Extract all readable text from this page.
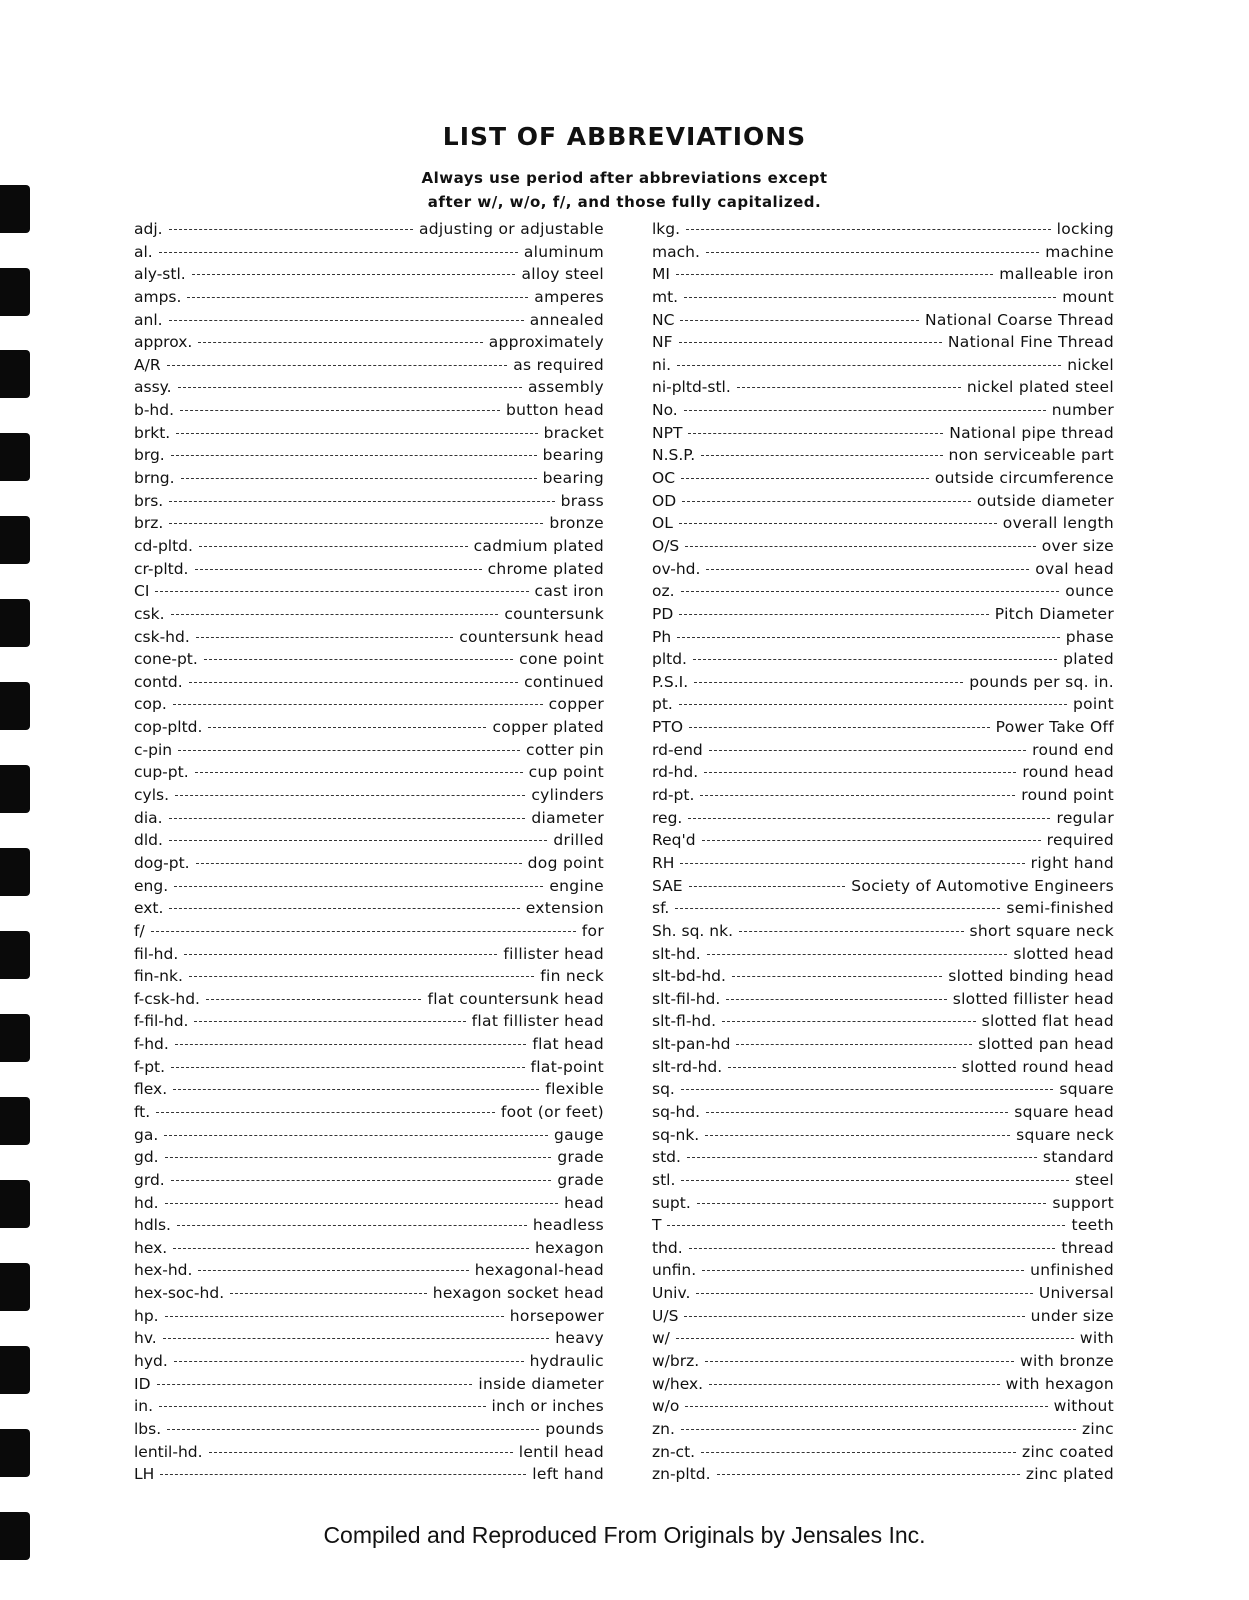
LIST OF ABBREVIATIONS
Always use period after abbreviations except
after w/, w/o, f/, and those fully capitalized.
adj.	adjusting or adjustable
al.	aluminum
aly-stl.	alloy steel
amps.	amperes
anl.	annealed
approx.	approximately
A/R	as required
assy.	assembly
b-hd.	button head
brkt.	bracket
brg.	bearing
brng.	bearing
brs.	brass
brz.	bronze
cd-pltd.	cadmium plated
cr-pltd.	chrome plated
CI	cast iron
csk.	countersunk
csk-hd.	countersunk head
cone-pt.	cone point
contd.	continued
cop.	copper
cop-pltd.	copper plated
c-pin	cotter pin
cup-pt.	cup point
cyls.	cylinders
dia.	diameter
dld.	drilled
dog-pt.	dog point
eng.	engine
ext.	extension
f/	for
fil-hd.	fillister head
fin-nk.	fin neck
f-csk-hd.	flat countersunk head
f-fil-hd.	flat fillister head
f-hd.	flat head
f-pt.	flat-point
flex.	flexible
ft.	foot (or feet)
ga.	gauge
gd.	grade
grd.	grade
hd.	head
hdls.	headless
hex.	hexagon
hex-hd.	hexagonal-head
hex-soc-hd.	hexagon socket head
hp.	horsepower
hv.	heavy
hyd.	hydraulic
ID	inside diameter
in.	inch or inches
lbs.	pounds
lentil-hd.	lentil head
LH	left hand
lkg.	locking
mach.	machine
MI	malleable iron
mt.	mount
NC	National Coarse Thread
NF	National Fine Thread
ni.	nickel
ni-pltd-stl.	nickel plated steel
No.	number
NPT	National pipe thread
N.S.P.	non serviceable part
OC	outside circumference
OD	outside diameter
OL	overall length
O/S	over size
ov-hd.	oval head
oz.	ounce
PD	Pitch Diameter
Ph	phase
pltd.	plated
P.S.I.	pounds per sq. in.
pt.	point
PTO	Power Take Off
rd-end	round end
rd-hd.	round head
rd-pt.	round point
reg.	regular
Req'd	required
RH	right hand
SAE	Society of Automotive Engineers
sf.	semi-finished
Sh. sq. nk.	short square neck
slt-hd.	slotted head
slt-bd-hd.	slotted binding head
slt-fil-hd.	slotted fillister head
slt-fl-hd.	slotted flat head
slt-pan-hd	slotted pan head
slt-rd-hd.	slotted round head
sq.	square
sq-hd.	square head
sq-nk.	square neck
std.	standard
stl.	steel
supt.	support
T	teeth
thd.	thread
unfin.	unfinished
Univ.	Universal
U/S	under size
w/	with
w/brz.	with bronze
w/hex.	with hexagon
w/o	without
zn.	zinc
zn-ct.	zinc coated
zn-pltd.	zinc plated
Compiled and Reproduced From Originals by Jensales Inc.
